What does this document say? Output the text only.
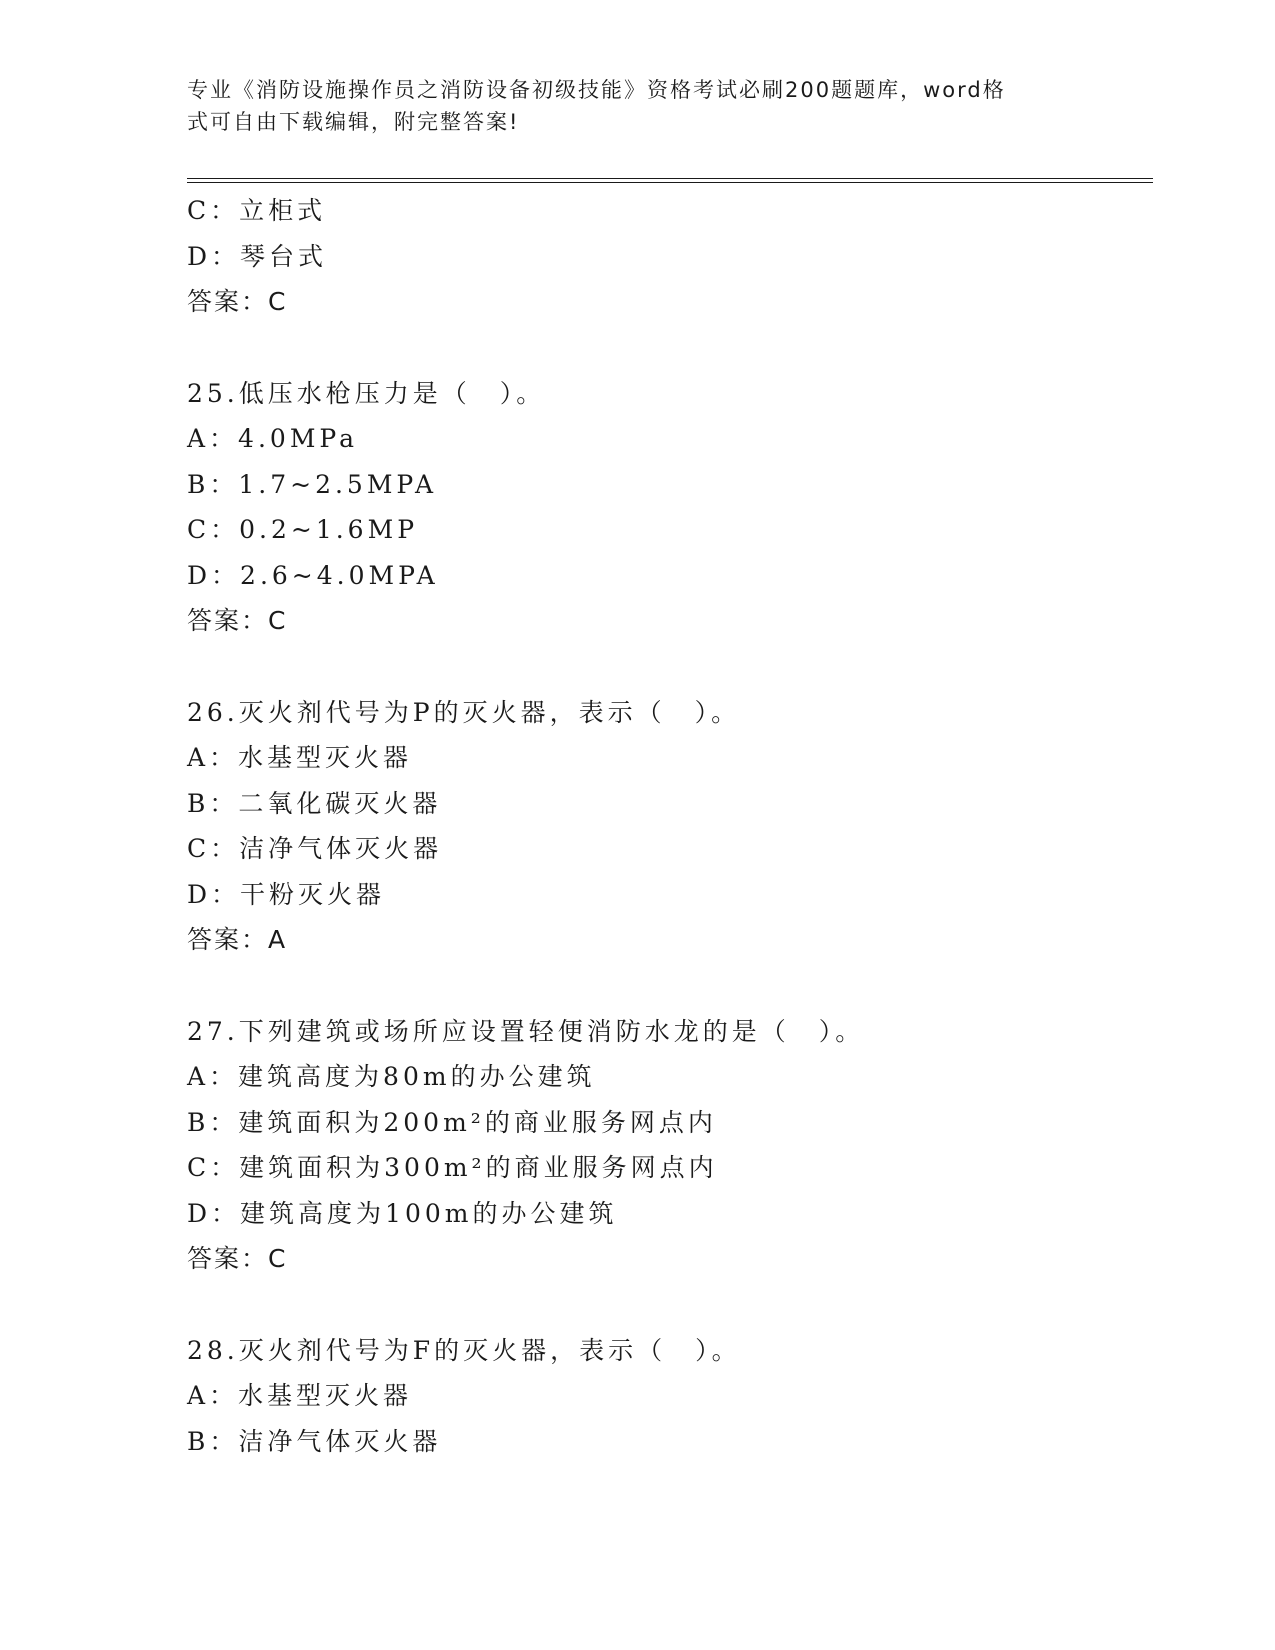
专业《消防设施操作员之消防设备初级技能》资格考试必刷200题题库，word格
式可自由下载编辑，附完整答案!
C：立柜式
D：琴台式
答案：C
25.低压水枪压力是（　）。
A：4.0MPa
B：1.7~2.5MPA
C：0.2~1.6MP
D：2.6~4.0MPA
答案：C
26.灭火剂代号为P的灭火器，表示（　）。
A：水基型灭火器
B：二氧化碳灭火器
C：洁净气体灭火器
D：干粉灭火器
答案：A
27.下列建筑或场所应设置轻便消防水龙的是（　）。
A：建筑高度为80m的办公建筑
B：建筑面积为200m²的商业服务网点内
C：建筑面积为300m²的商业服务网点内
D：建筑高度为100m的办公建筑
答案：C
28.灭火剂代号为F的灭火器，表示（　）。
A：水基型灭火器
B：洁净气体灭火器
